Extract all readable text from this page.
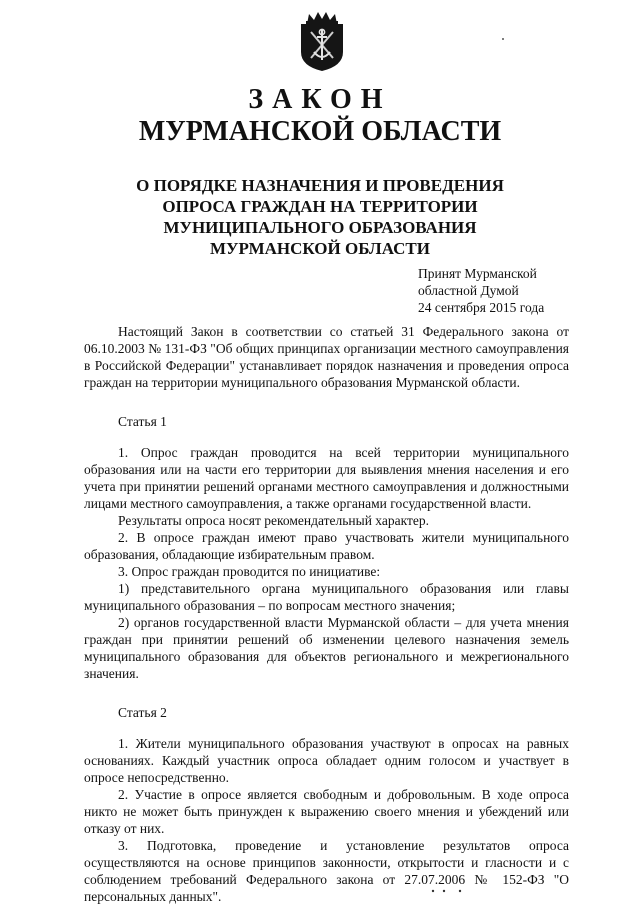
ЗАКОН
МУРМАНСКОЙ ОБЛАСТИ
О ПОРЯДКЕ НАЗНАЧЕНИЯ И ПРОВЕДЕНИЯ
ОПРОСА ГРАЖДАН НА ТЕРРИТОРИИ
МУНИЦИПАЛЬНОГО ОБРАЗОВАНИЯ
МУРМАНСКОЙ ОБЛАСТИ
Принят Мурманской
областной Думой
24 сентября 2015 года

Настоящий Закон в соответствии со статьей 31 Федерального закона от 06.10.2003 № 131-ФЗ "Об общих принципах организации местного самоуправления в Российской Федерации" устанавливает порядок назначения и проведения опроса граждан на территории муниципального образования Мурманской области.

Статья 1

1. Опрос граждан проводится на всей территории муниципального образования или на части его территории для выявления мнения населения и его учета при принятии решений органами местного самоуправления и должностными лицами местного самоуправления, а также органами государственной власти.

Результаты опроса носят рекомендательный характер.

2. В опросе граждан имеют право участвовать жители муниципального образования, обладающие избирательным правом.

3. Опрос граждан проводится по инициативе:

1) представительного органа муниципального образования или главы муниципального образования – по вопросам местного значения;

2) органов государственной власти Мурманской области – для учета мнения граждан при принятии решений об изменении целевого назначения земель муниципального образования для объектов регионального и межрегионального значения.

Статья 2

1. Жители муниципального образования участвуют в опросах на равных основаниях. Каждый участник опроса обладает одним голосом и участвует в опросе непосредственно.

2. Участие в опросе является свободным и добровольным. В ходе опроса никто не может быть принужден к выражению своего мнения и убеждений или отказу от них.

3. Подготовка, проведение и установление результатов опроса осуществляются на основе принципов законности, открытости и гласности и с соблюдением требований Федерального закона от 27.07.2006 № 152-ФЗ "О персональных данных".
